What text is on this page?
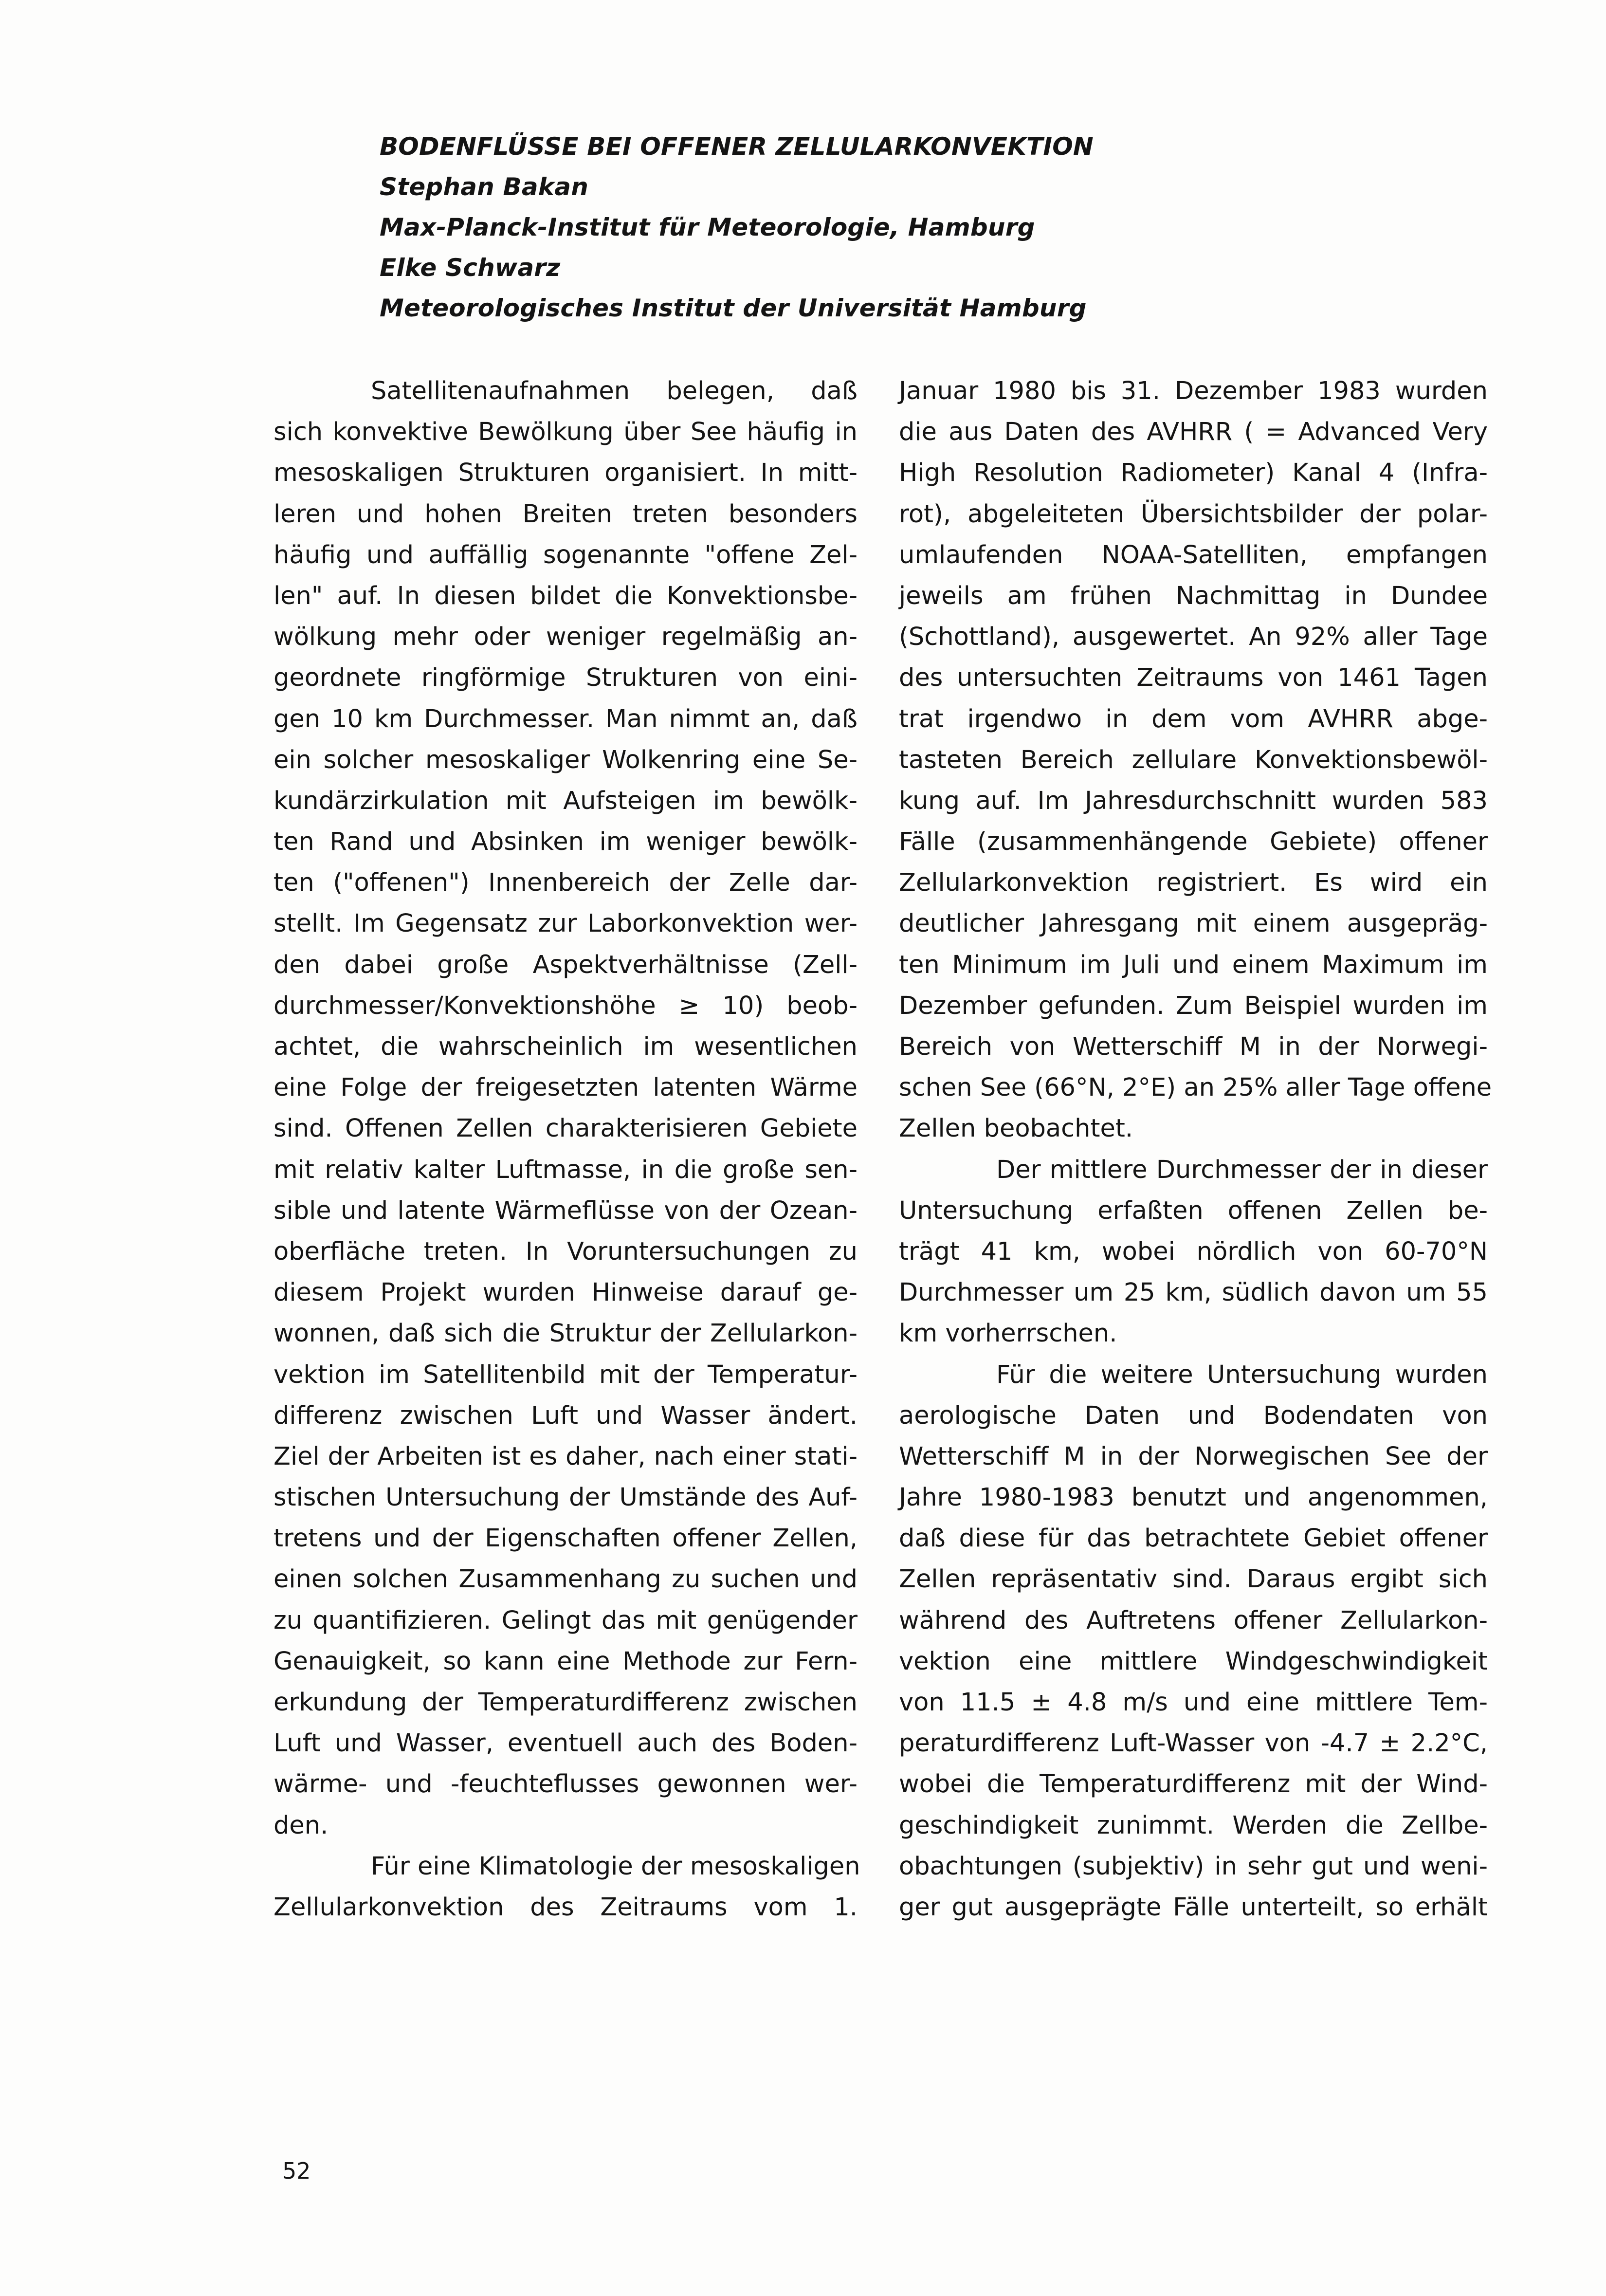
BODENFLÜSSE BEI OFFENER ZELLULARKONVEKTION
Stephan Bakan
Max-Planck-Institut für Meteorologie, Hamburg
Elke Schwarz
Meteorologisches Institut der Universität Hamburg
Satellitenaufnahmen belegen, daß
sich konvektive Bewölkung über See häufig in
mesoskaligen Strukturen organisiert. In mitt-
leren und hohen Breiten treten besonders
häufig und auffällig sogenannte "offene Zel-
len" auf. In diesen bildet die Konvektionsbe-
wölkung mehr oder weniger regelmäßig an-
geordnete ringförmige Strukturen von eini-
gen 10 km Durchmesser. Man nimmt an, daß
ein solcher mesoskaliger Wolkenring eine Se-
kundärzirkulation mit Aufsteigen im bewölk-
ten Rand und Absinken im weniger bewölk-
ten ("offenen") Innenbereich der Zelle dar-
stellt. Im Gegensatz zur Laborkonvektion wer-
den dabei große Aspektverhältnisse (Zell-
durchmesser/Konvektionshöhe ≥ 10) beob-
achtet, die wahrscheinlich im wesentlichen
eine Folge der freigesetzten latenten Wärme
sind. Offenen Zellen charakterisieren Gebiete
mit relativ kalter Luftmasse, in die große sen-
sible und latente Wärmeflüsse von der Ozean-
oberfläche treten. In Voruntersuchungen zu
diesem Projekt wurden Hinweise darauf ge-
wonnen, daß sich die Struktur der Zellularkon-
vektion im Satellitenbild mit der Temperatur-
differenz zwischen Luft und Wasser ändert.
Ziel der Arbeiten ist es daher, nach einer stati-
stischen Untersuchung der Umstände des Auf-
tretens und der Eigenschaften offener Zellen,
einen solchen Zusammenhang zu suchen und
zu quantifizieren. Gelingt das mit genügender
Genauigkeit, so kann eine Methode zur Fern-
erkundung der Temperaturdifferenz zwischen
Luft und Wasser, eventuell auch des Boden-
wärme- und -feuchteflusses gewonnen wer-
den.
Für eine Klimatologie der mesoskaligen
Zellularkonvektion des Zeitraums vom 1.
Januar 1980 bis 31. Dezember 1983 wurden
die aus Daten des AVHRR ( = Advanced Very
High Resolution Radiometer) Kanal 4 (Infra-
rot), abgeleiteten Übersichtsbilder der polar-
umlaufenden NOAA-Satelliten, empfangen
jeweils am frühen Nachmittag in Dundee
(Schottland), ausgewertet. An 92% aller Tage
des untersuchten Zeitraums von 1461 Tagen
trat irgendwo in dem vom AVHRR abge-
tasteten Bereich zellulare Konvektionsbewöl-
kung auf. Im Jahresdurchschnitt wurden 583
Fälle (zusammenhängende Gebiete) offener
Zellularkonvektion registriert. Es wird ein
deutlicher Jahresgang mit einem ausgepräg-
ten Minimum im Juli und einem Maximum im
Dezember gefunden. Zum Beispiel wurden im
Bereich von Wetterschiff M in der Norwegi-
schen See (66°N, 2°E) an 25% aller Tage offene
Zellen beobachtet.
Der mittlere Durchmesser der in dieser
Untersuchung erfaßten offenen Zellen be-
trägt 41 km, wobei nördlich von 60-70°N
Durchmesser um 25 km, südlich davon um 55
km vorherrschen.
Für die weitere Untersuchung wurden
aerologische Daten und Bodendaten von
Wetterschiff M in der Norwegischen See der
Jahre 1980-1983 benutzt und angenommen,
daß diese für das betrachtete Gebiet offener
Zellen repräsentativ sind. Daraus ergibt sich
während des Auftretens offener Zellularkon-
vektion eine mittlere Windgeschwindigkeit
von 11.5 ± 4.8 m/s und eine mittlere Tem-
peraturdifferenz Luft-Wasser von -4.7 ± 2.2°C,
wobei die Temperaturdifferenz mit der Wind-
geschindigkeit zunimmt. Werden die Zellbe-
obachtungen (subjektiv) in sehr gut und weni-
ger gut ausgeprägte Fälle unterteilt, so erhält
52
